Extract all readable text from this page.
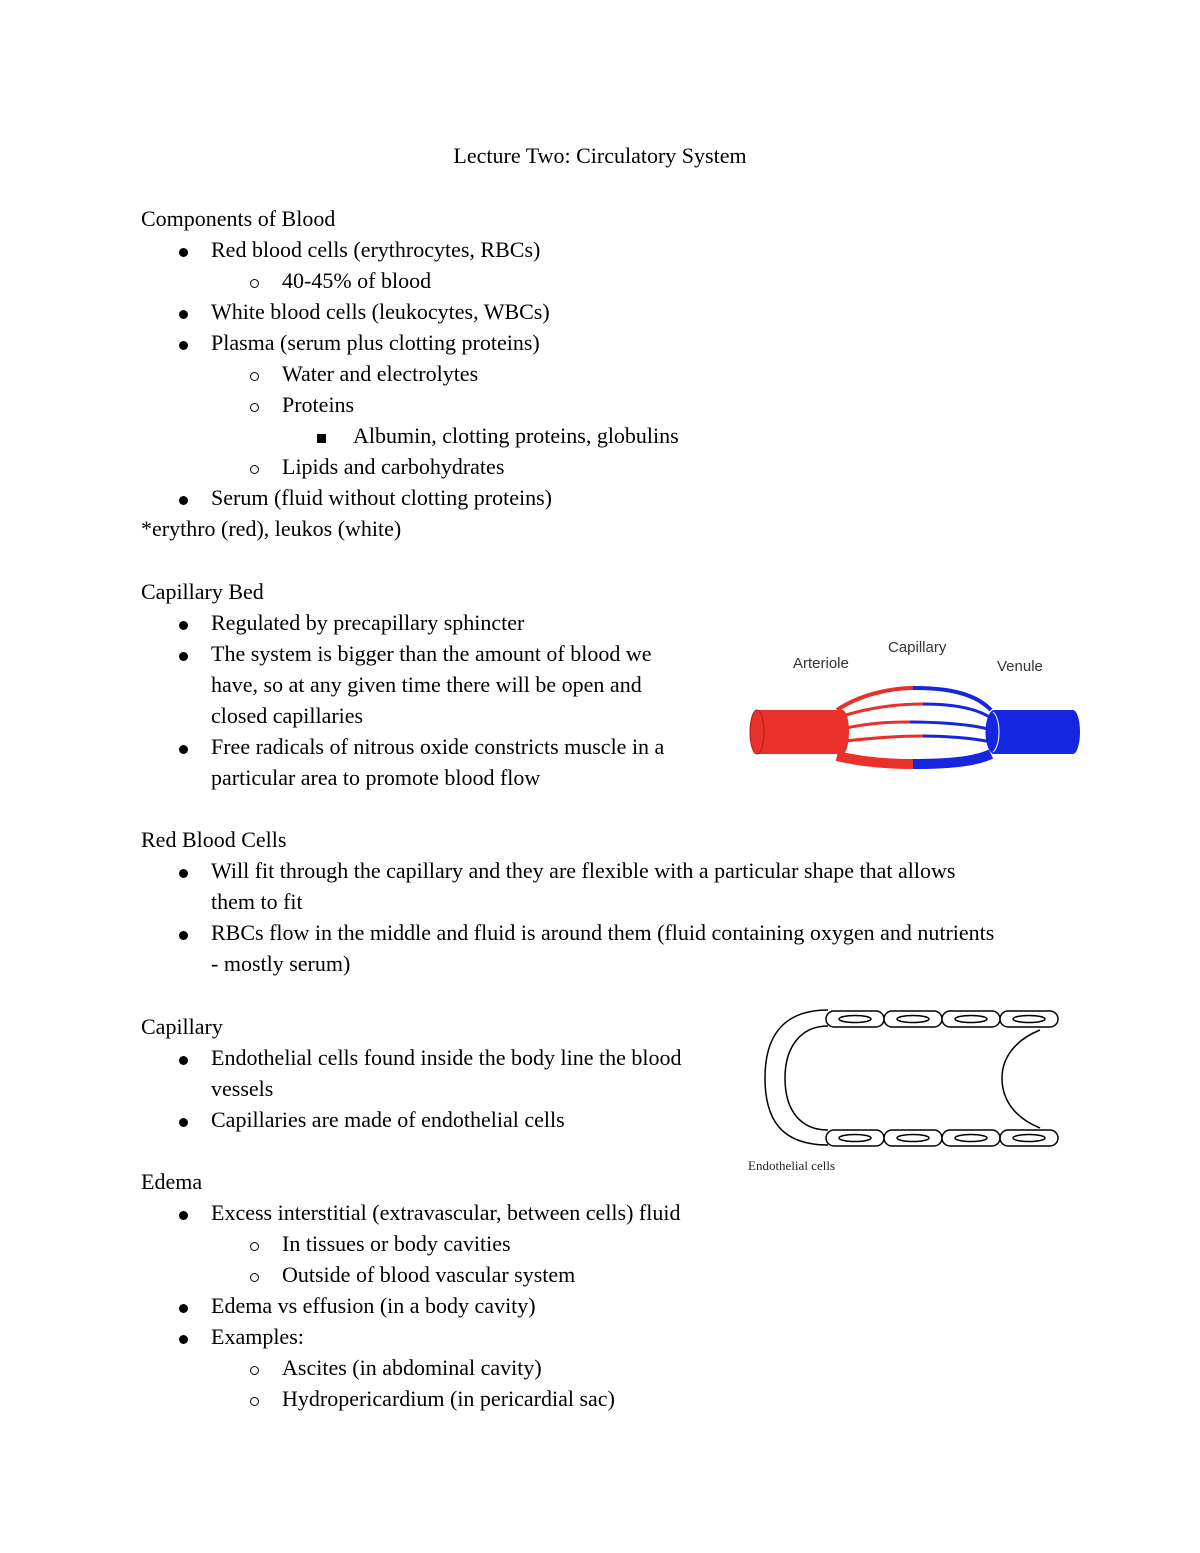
Lecture Two: Circulatory System
Components of Blood
Red blood cells (erythrocytes, RBCs)
40-45% of blood
White blood cells (leukocytes, WBCs)
Plasma (serum plus clotting proteins)
Water and electrolytes
Proteins
Albumin, clotting proteins, globulins
Lipids and carbohydrates
Serum (fluid without clotting proteins)
*erythro (red), leukos (white)
Capillary Bed
Regulated by precapillary sphincter
The system is bigger than the amount of blood we
have, so at any given time there will be open and
closed capillaries
Free radicals of nitrous oxide constricts muscle in a
particular area to promote blood flow
Arteriole
Capillary
Venule
Red Blood Cells
Will fit through the capillary and they are flexible with a particular shape that allows
them to fit
RBCs flow in the middle and fluid is around them (fluid containing oxygen and nutrients
- mostly serum)
Capillary
Endothelial cells found inside the body line the blood
vessels
Capillaries are made of endothelial cells
Endothelial cells
Edema
Excess interstitial (extravascular, between cells) fluid
In tissues or body cavities
Outside of blood vascular system
Edema vs effusion (in a body cavity)
Examples:
Ascites (in abdominal cavity)
Hydropericardium (in pericardial sac)
